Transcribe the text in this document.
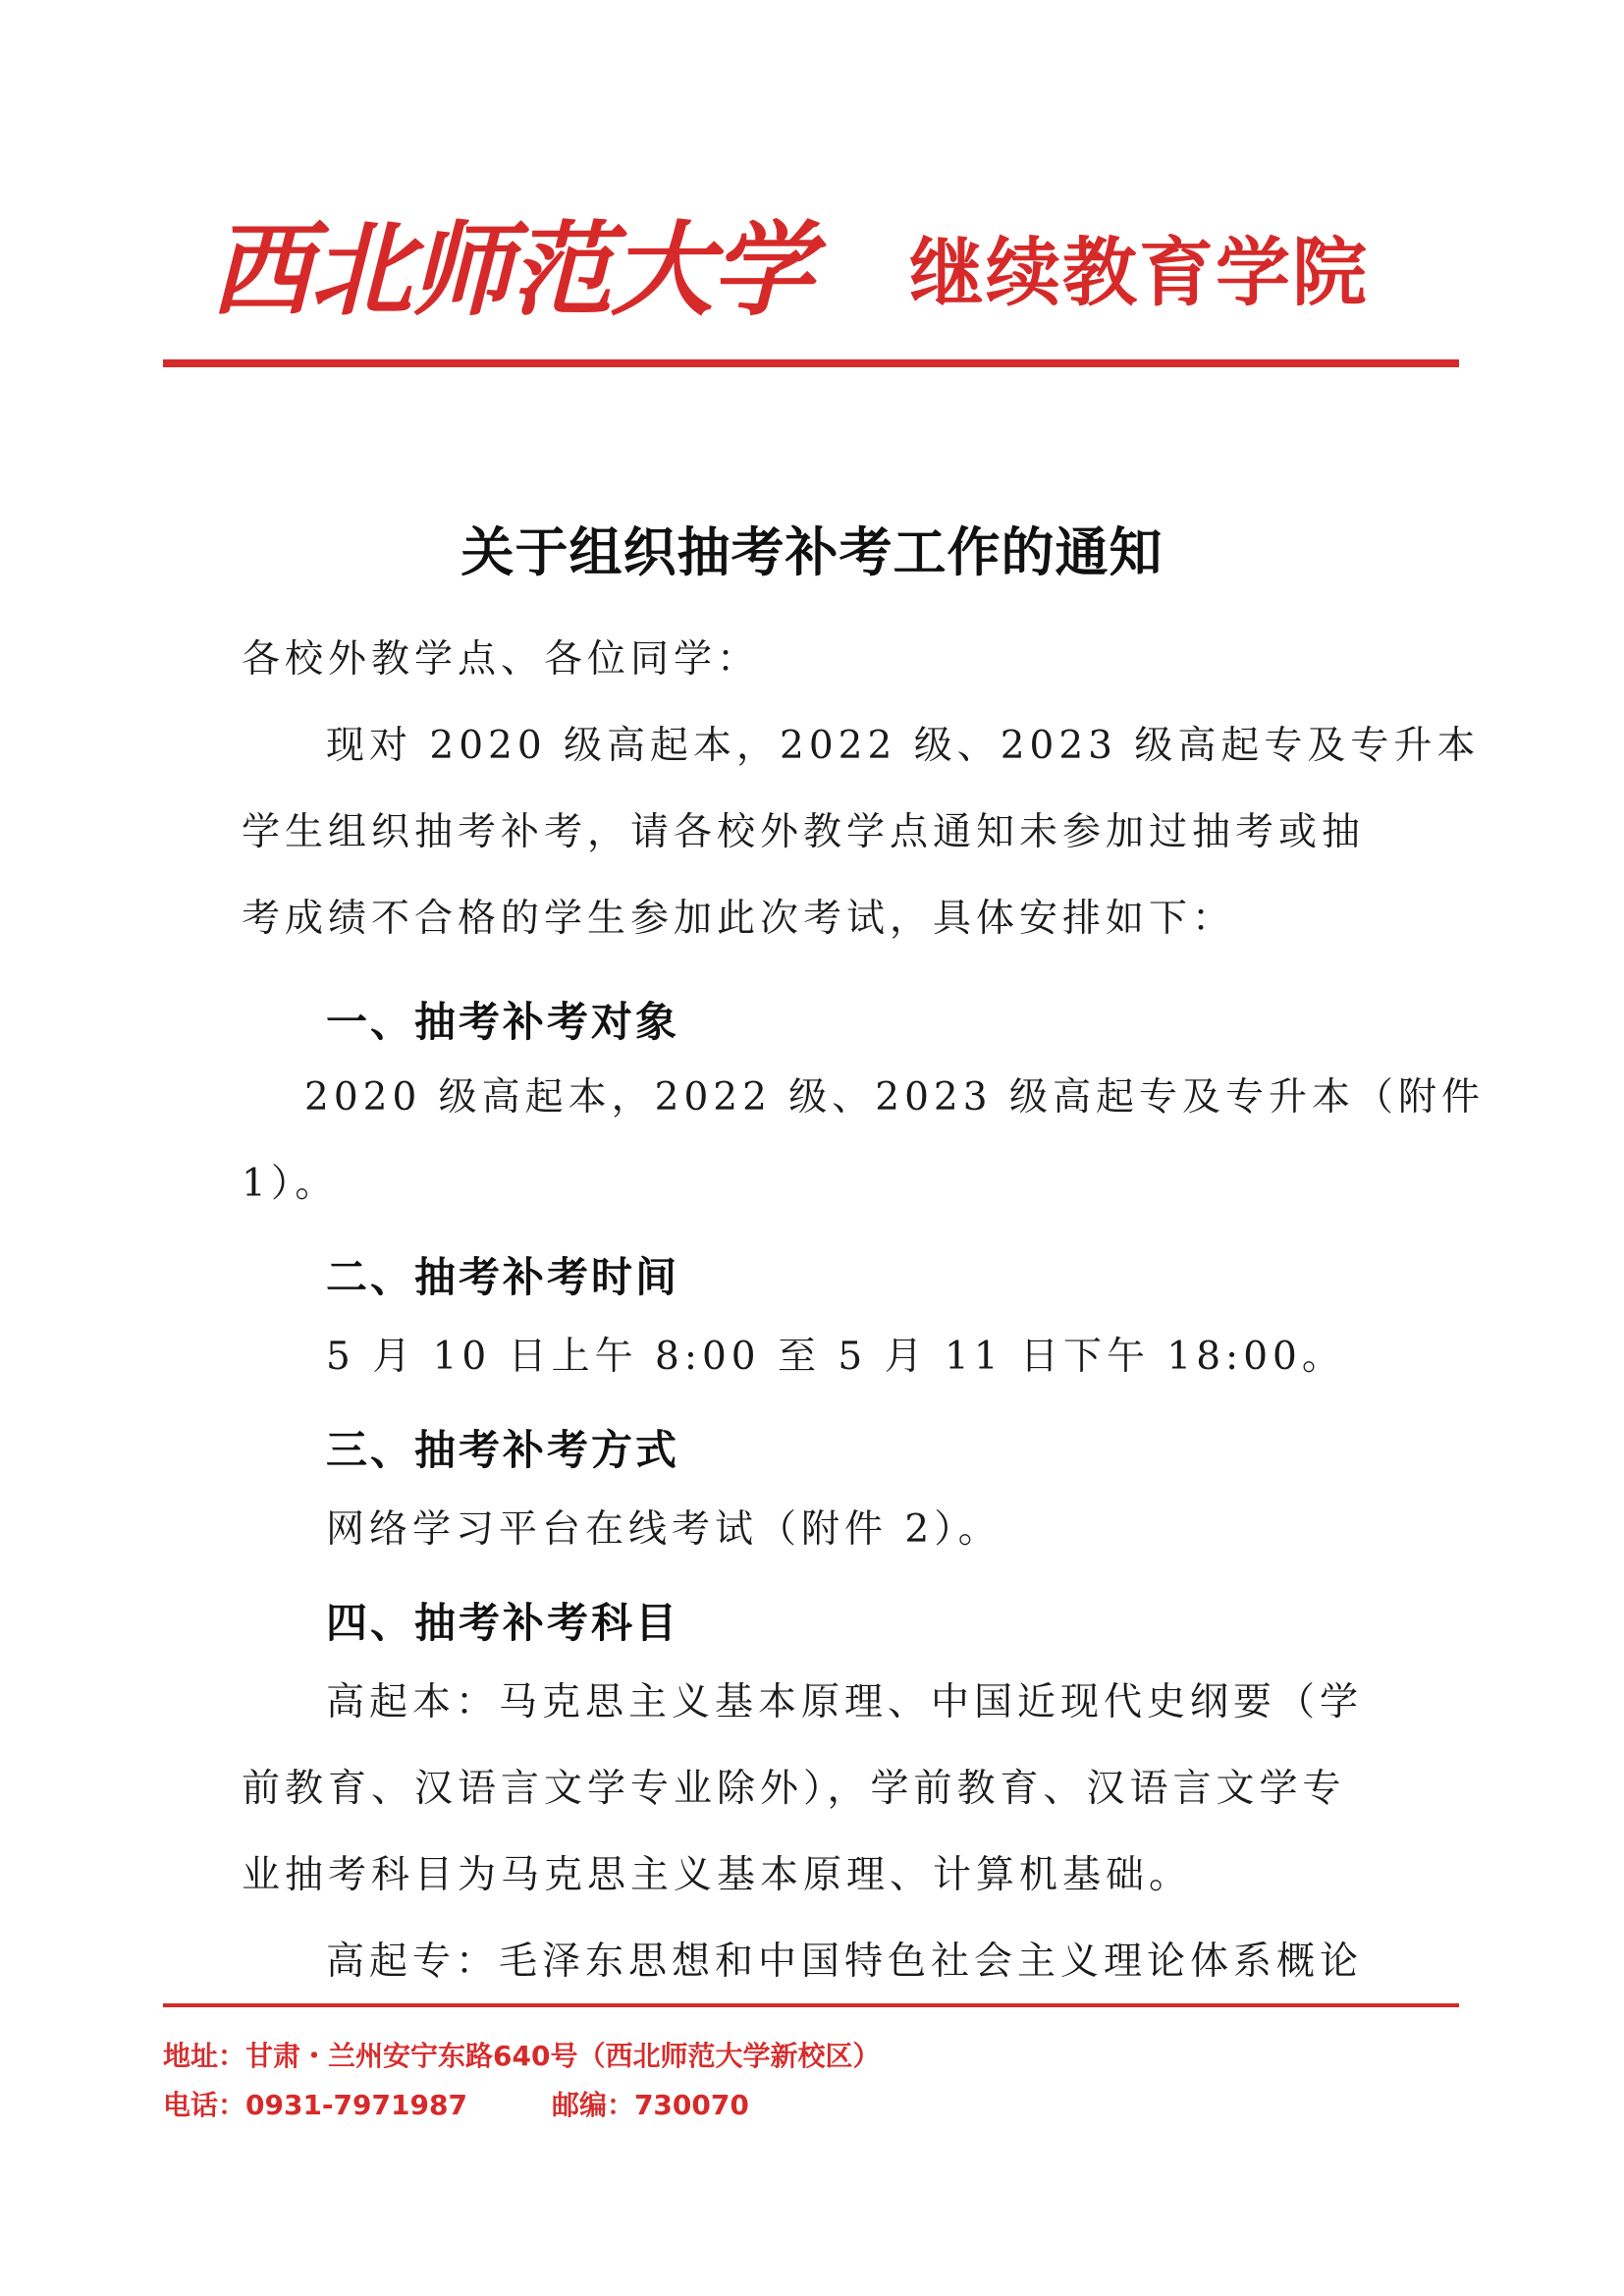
西北师范大学 继续教育学院
关于组织抽考补考工作的通知
各校外教学点、各位同学：
现对 2020 级高起本，2022 级、2023 级高起专及专升本
学生组织抽考补考，请各校外教学点通知未参加过抽考或抽
考成绩不合格的学生参加此次考试，具体安排如下：
2020 级高起本，2022 级、2023 级高起专及专升本（附件
1）。
5 月 10 日上午 8:00 至 5 月 11 日下午 18:00。
网络学习平台在线考试（附件 2）。
高起本：马克思主义基本原理、中国近现代史纲要（学
前教育、汉语言文学专业除外），学前教育、汉语言文学专
业抽考科目为马克思主义基本原理、计算机基础。
高起专：毛泽东思想和中国特色社会主义理论体系概论
一、抽考补考对象
二、抽考补考时间
三、抽考补考方式
四、抽考补考科目
地址：甘肃・兰州安宁东路640号（西北师范大学新校区）
电话：0931-7971987	邮编：730070
